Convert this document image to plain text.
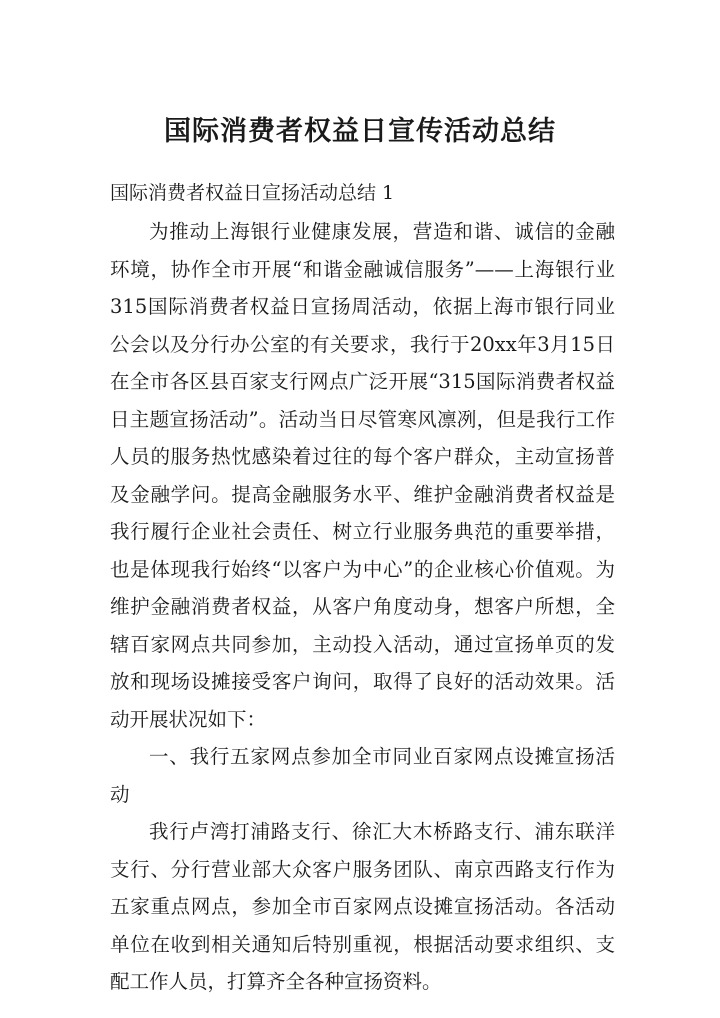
国际消费者权益日宣传活动总结
国际消费者权益日宣扬活动总结 1

为推动上海银行业健康发展，营造和谐、诚信的金融环境，协作全市开展“和谐金融诚信服务”——上海银行业315国际消费者权益日宣扬周活动，依据上海市银行同业公会以及分行办公室的有关要求，我行于20xx年3月15日在全市各区县百家支行网点广泛开展“315国际消费者权益日主题宣扬活动”。活动当日尽管寒风凛冽，但是我行工作人员的服务热忱感染着过往的每个客户群众，主动宣扬普及金融学问。提高金融服务水平、维护金融消费者权益是我行履行企业社会责任、树立行业服务典范的重要举措，也是体现我行始终“以客户为中心”的企业核心价值观。为维护金融消费者权益，从客户角度动身，想客户所想，全辖百家网点共同参加，主动投入活动，通过宣扬单页的发放和现场设摊接受客户询问，取得了良好的活动效果。活动开展状况如下：

一、我行五家网点参加全市同业百家网点设摊宣扬活动

我行卢湾打浦路支行、徐汇大木桥路支行、浦东联洋支行、分行营业部大众客户服务团队、南京西路支行作为五家重点网点，参加全市百家网点设摊宣扬活动。各活动单位在收到相关通知后特别重视，根据活动要求组织、支配工作人员，打算齐全各种宣扬资料。
